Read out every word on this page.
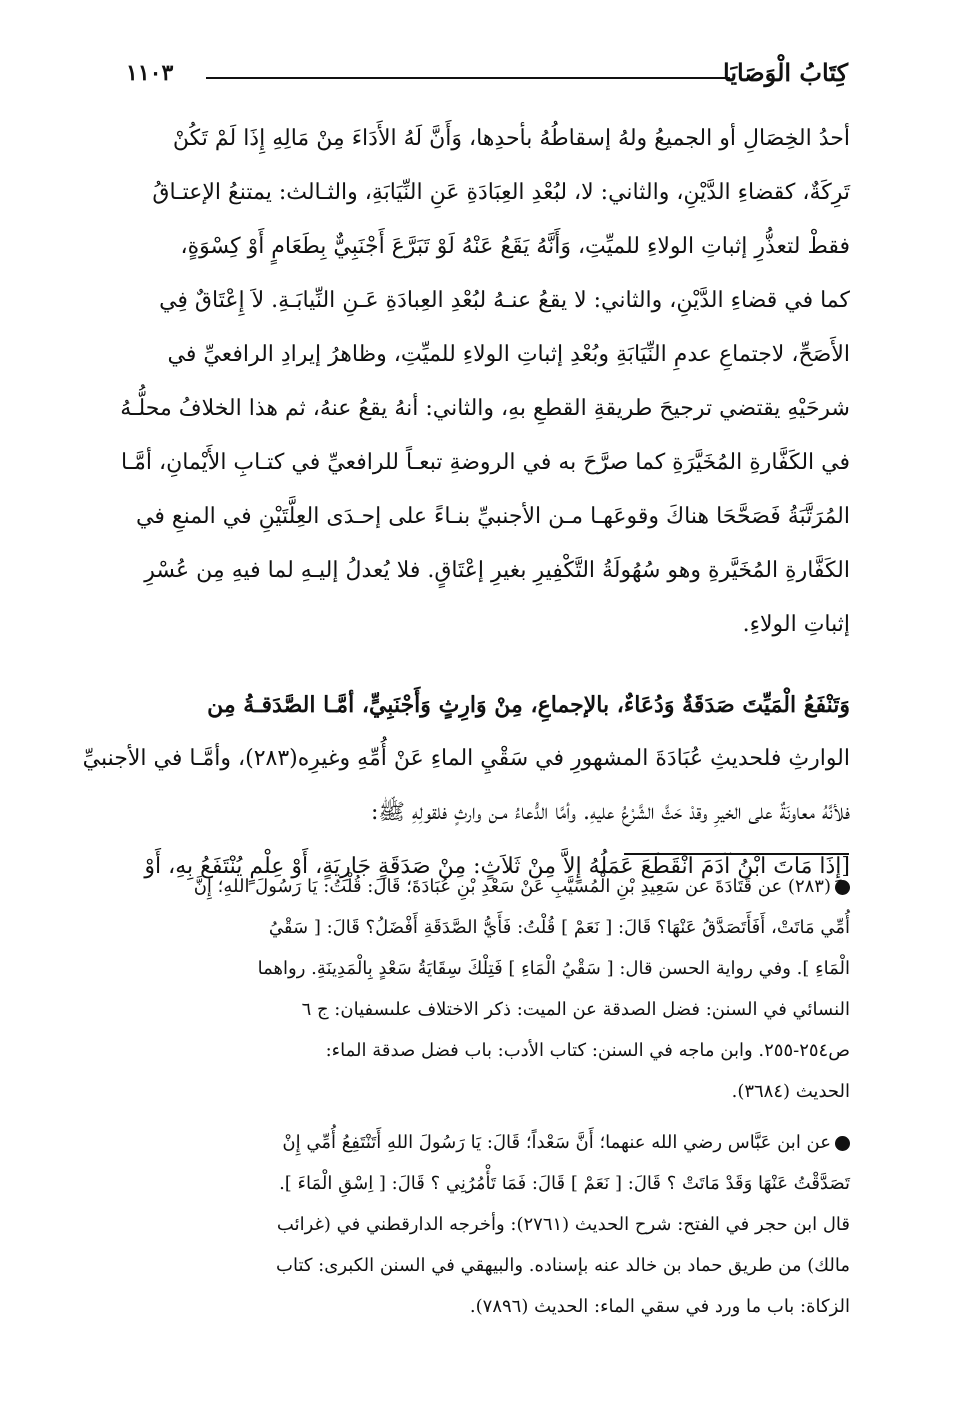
كِتَابُ الْوَصَايَا
١١٠٣
أحدُ الخِصَالِ أو الجميعُ ولهُ إسقاطُهُ بأحدِها، وَأَنَّ لَهُ الأَدَاءَ مِنْ مَالِهِ إِذَا لَمْ تَكُنْ
تَرِكَةٌ، كقضاءِ الدَّيْنِ، والثاني: لا، لبُعْدِ العِبَادَةِ عَنِ النِّيَابَةِ، والثـالث: يمتنعُ الإعتـاقُ
فقطْ لتعذُّرِ إثباتِ الولاءِ للميِّتِ، وَأَنَّهُ يَقَعُ عَنْهُ لَوْ تَبَرَّعَ أَجْنَبِيٌّ بِطَعَامٍ أَوْ كِسْوَةٍ،
كما في قضاءِ الدَّيْنِ، والثاني: لا يقعُ عنـهُ لبُعْدِ العِبادَةِ عَـنِ النِّيابَـةِ. لاَ إِعْتَاقٌ فِي
الأَصَحِّ، لاجتماعِ عدمِ النِّيَابَةِ وبُعْدِ إثباتِ الولاءِ للميِّتِ، وظاهرُ إيرادِ الرافعيِّ في
شرحَيْهِ يقتضي ترجيحَ طريقةِ القطعِ بهِ، والثاني: أنهُ يقعُ عنهُ، ثم هذا الخلافُ محلُّـهُ
في الكَفَّارةِ المُخَيَّرَةِ كما صرَّحَ به في الروضةِ تبعـاً للرافعيِّ في كتـابِ الأَيْمانِ، أمَّـا
المُرَتَّبَةُ فَصَحَّحَا هناكَ وقوعَهـا مـن الأجنبيِّ بنـاءً على إحـدَى العِلَّتَيْنِ في المنعِ في
الكَفَّارةِ المُخَيَّرةِ وهو سُهُولَةُ التَّكْفِيرِ بغيرِ إعْتَاقٍ. فلا يُعدلُ إليـهِ لما فيهِ مِن عُسْرِ
إثباتِ الولاءِ.
وَتَنْفَعُ الْمَيِّتَ صَدَقَةٌ وَدُعَاءٌ، بالإجماعِ، مِنْ وَارِثٍ وَأَجْنَبِيٍّ، أمَّـا الصَّدَقـةُ مِن
الوارثِ فلحديثِ عُبَادَةَ المشهورِ في سَقْيِ الماءِ عَنْ أُمِّهِ وغيرِه(٢٨٣)، وأمَّـا في الأجنبيِّ
فلأنَّهُ معاونَةٌ على الخيرِ وقدْ حَثَّ الشَّرْعُ عليهِ. وأمَّا الدُّعاءُ مـن وارثٍ فلقولِهِ ﷺ:
[إِذَا مَاتَ ابْنُ آدَمَ انْقَطَعَ عَمَلُهُ إِلاَّ مِنْ ثَلاَثٍ: مِنْ صَدَقَةٍ جَارِيَةٍ، أَوْ عِلْمٍ يُنْتَفَعُ بِهِ، أَوْ
(٢٨٣) عن قَتَادَةَ عن سَعِيدِ بْنِ الْمُسَيَّبِ عَنْ سَعْدِ بْنِ عُبَادَةَ؛ قَالَ: قُلْتُ: يَا رَسُولَ اللهِ؛ إِنَّ
أُمِّي مَاتَتْ، أَفَأَتَصَدَّقُ عَنْهَا؟ قَالَ: [ نَعَمْ ] قُلْتُ: فَأَيُّ الصَّدَقَةِ أَفْضَلُ؟ قَالَ: [ سَقْيُ
الْمَاءِ ]. وفي رواية الحسن قال: [ سَقْيُ الْمَاءِ ] فَتِلْكَ سِقَايَةُ سَعْدٍ بِالْمَدِينَةِ. رواهما
النسائي في السنن: فضل الصدقة عن الميت: ذكر الاختلاف علىسفيان: ج ٦
ص٢٥٤-٢٥٥. وابن ماجه في السنن: كتاب الأدب: باب فضل صدقة الماء:
الحديث (٣٦٨٤).
عن ابن عَبَّاس رضي الله عنهما؛ أَنَّ سَعْداً؛ قَالَ: يَا رَسُولَ اللهِ أَتَنْتَفِعُ أُمِّي إِنْ
تَصَدَّقْتُ عَنْهَا وَقَدْ مَاتَتْ ؟ قَالَ: [ نَعَمْ ] قَالَ: فَمَا تَأْمُرُنِي ؟ قَالَ: [ اِسْقِ الْمَاءَ ].
قال ابن حجر في الفتح: شرح الحديث (٢٧٦١): وأخرجه الدارقطني في (غرائب
مالك) من طريق حماد بن خالد عنه بإسناده. والبيهقي في السنن الكبرى: كتاب
الزكاة: باب ما ورد في سقي الماء: الحديث (٧٨٩٦).
